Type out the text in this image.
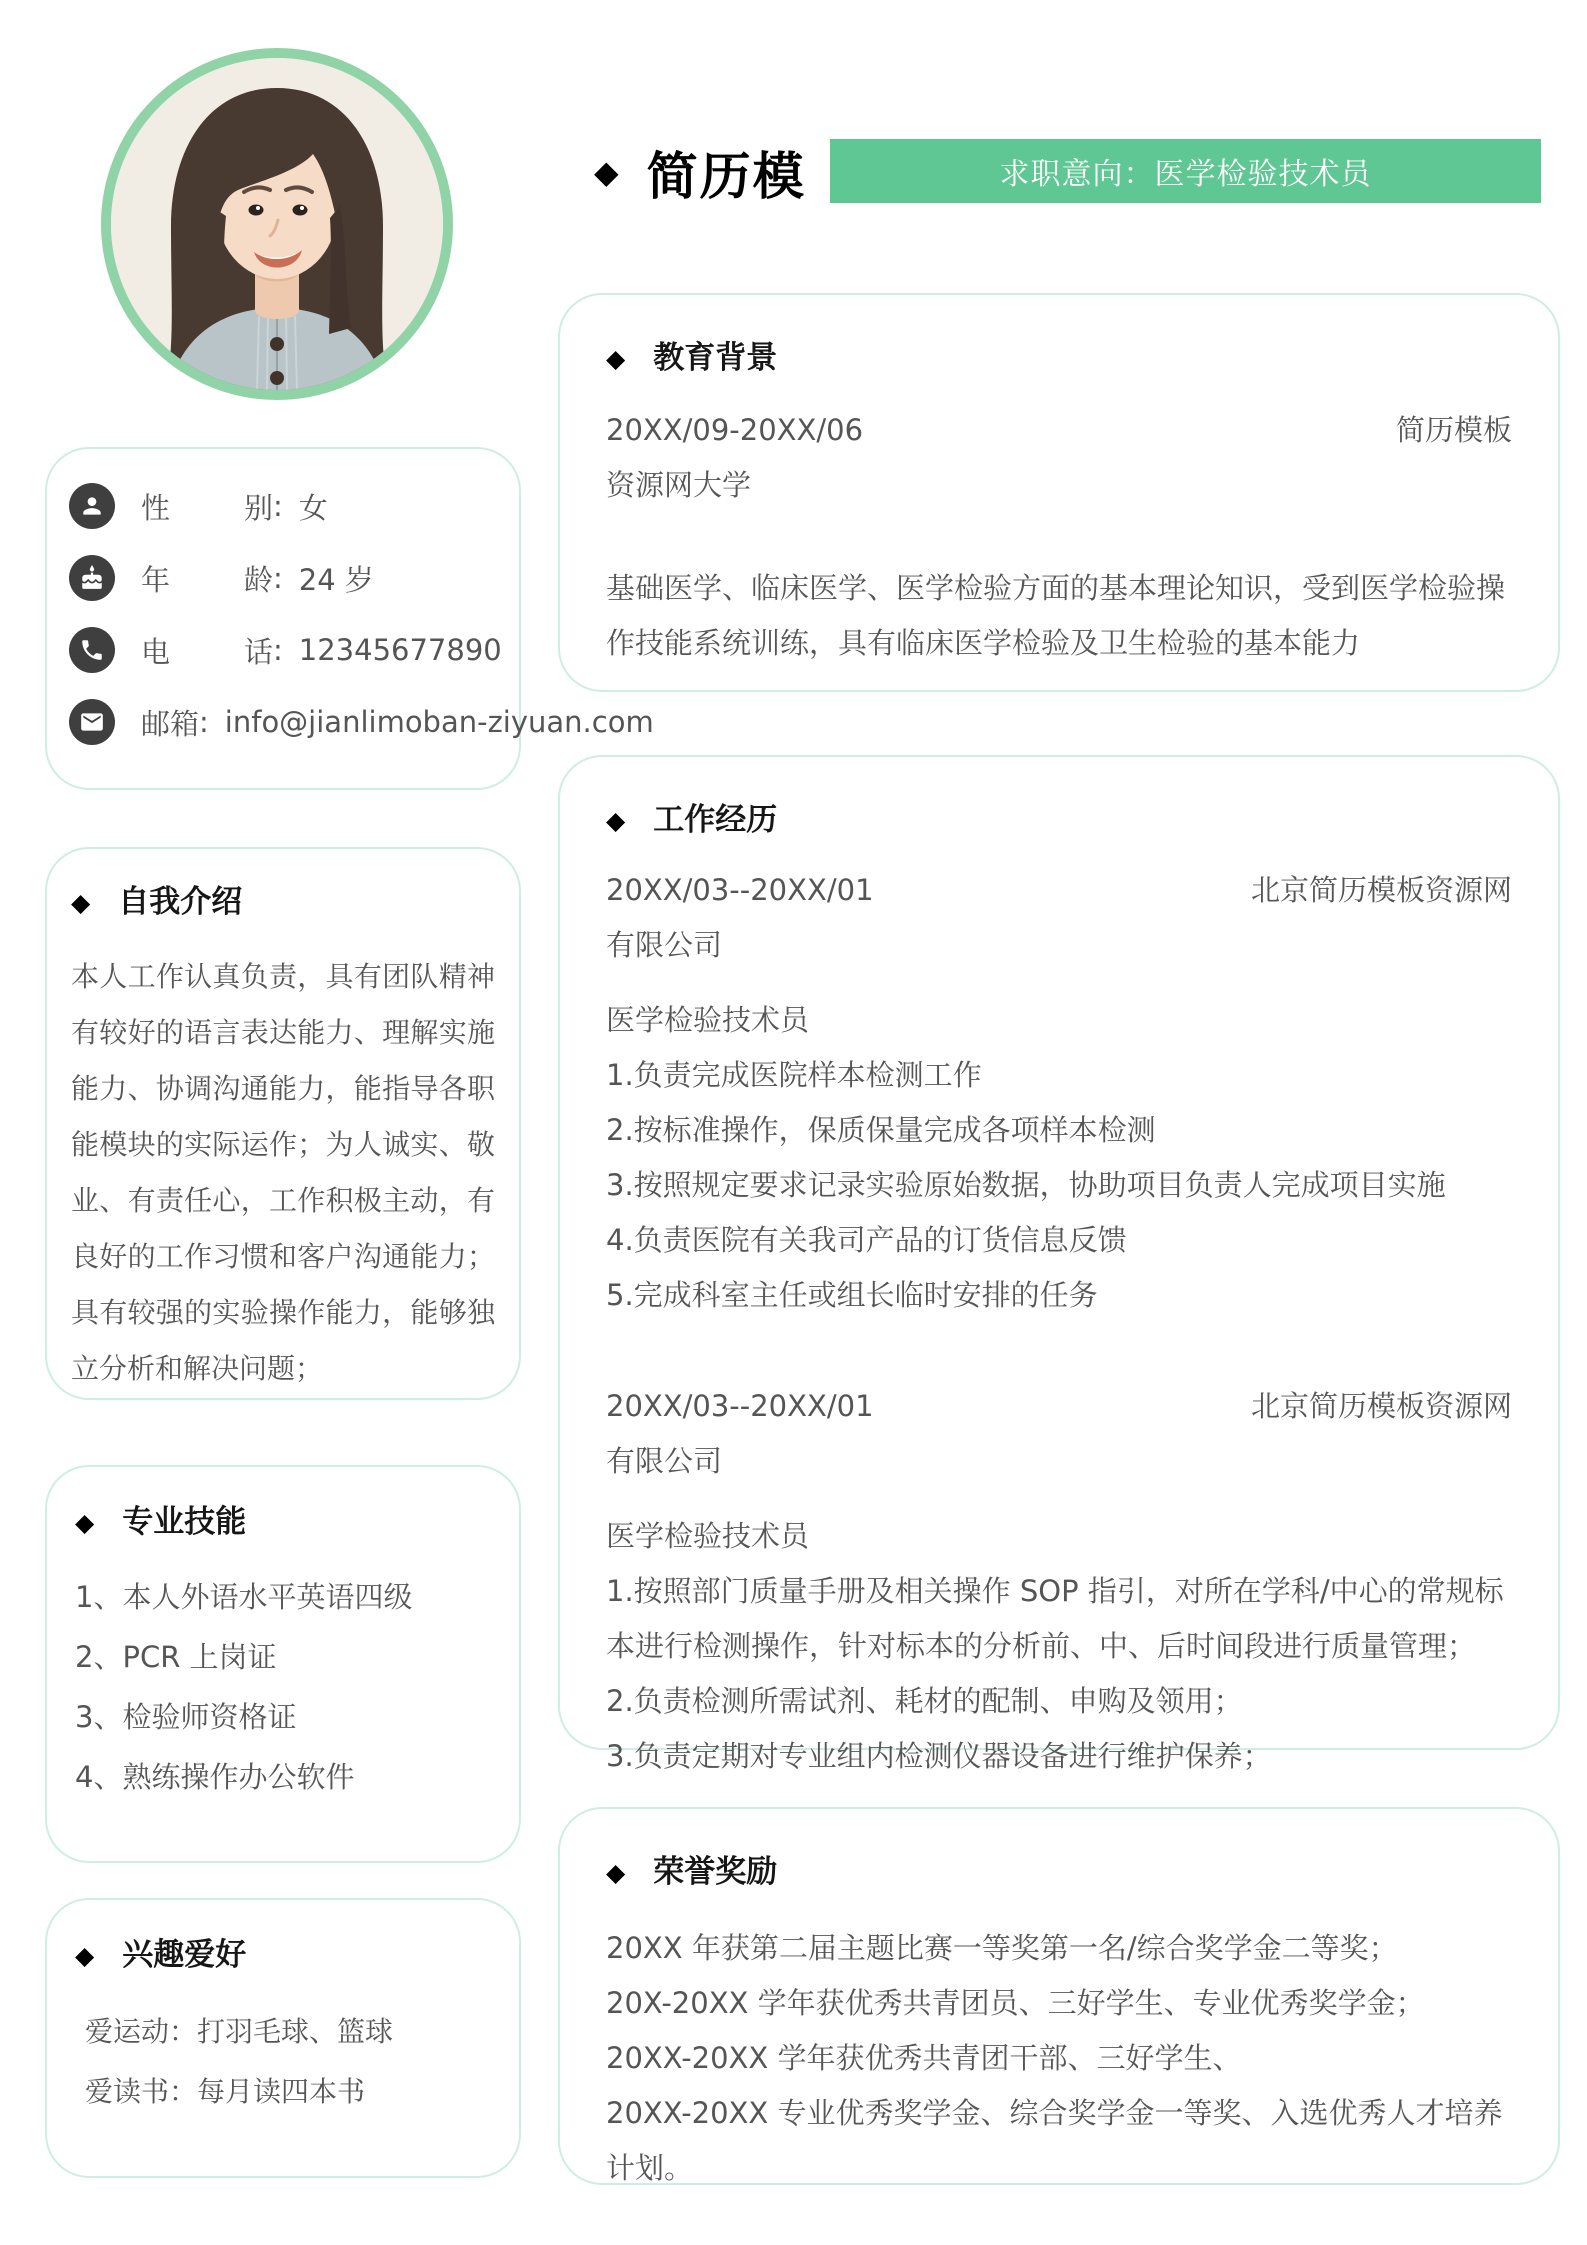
◆ 简历模	求职意向：医学检验技术员
性别 : 女
年龄 : 24 岁
电话 : 12345677890
邮箱 : info@jianlimoban-ziyuan.com
◆ 教育背景
20XX/09-20XX/06	简历模板
资源网大学
基础医学、临床医学、医学检验方面的基本理论知识，受到医学检验操作技能系统训练，具有临床医学检验及卫生检验的基本能力
◆ 自我介绍
本人工作认真负责，具有团队精神有较好的语言表达能力、理解实施能力、协调沟通能力，能指导各职能模块的实际运作；为人诚实、敬业、有责任心，工作积极主动，有良好的工作习惯和客户沟通能力；具有较强的实验操作能力，能够独立分析和解决问题；
◆ 工作经历
20XX/03--20XX/01	北京简历模板资源网
有限公司
医学检验技术员
1.负责完成医院样本检测工作
2.按标准操作，保质保量完成各项样本检测
3.按照规定要求记录实验原始数据，协助项目负责人完成项目实施
4.负责医院有关我司产品的订货信息反馈
5.完成科室主任或组长临时安排的任务
20XX/03--20XX/01	北京简历模板资源网
有限公司
医学检验技术员
1.按照部门质量手册及相关操作 SOP 指引，对所在学科/中心的常规标本进行检测操作，针对标本的分析前、中、后时间段进行质量管理；
2.负责检测所需试剂、耗材的配制、申购及领用；
3.负责定期对专业组内检测仪器设备进行维护保养；
◆ 专业技能
1、本人外语水平英语四级
2、PCR 上岗证
3、检验师资格证
4、熟练操作办公软件
◆ 兴趣爱好
爱运动：打羽毛球、篮球
爱读书：每月读四本书
◆ 荣誉奖励
20XX 年获第二届主题比赛一等奖第一名/综合奖学金二等奖；
20X-20XX 学年获优秀共青团员、三好学生、专业优秀奖学金；
20XX-20XX 学年获优秀共青团干部、三好学生、
20XX-20XX 专业优秀奖学金、综合奖学金一等奖、入选优秀人才培养计划。
